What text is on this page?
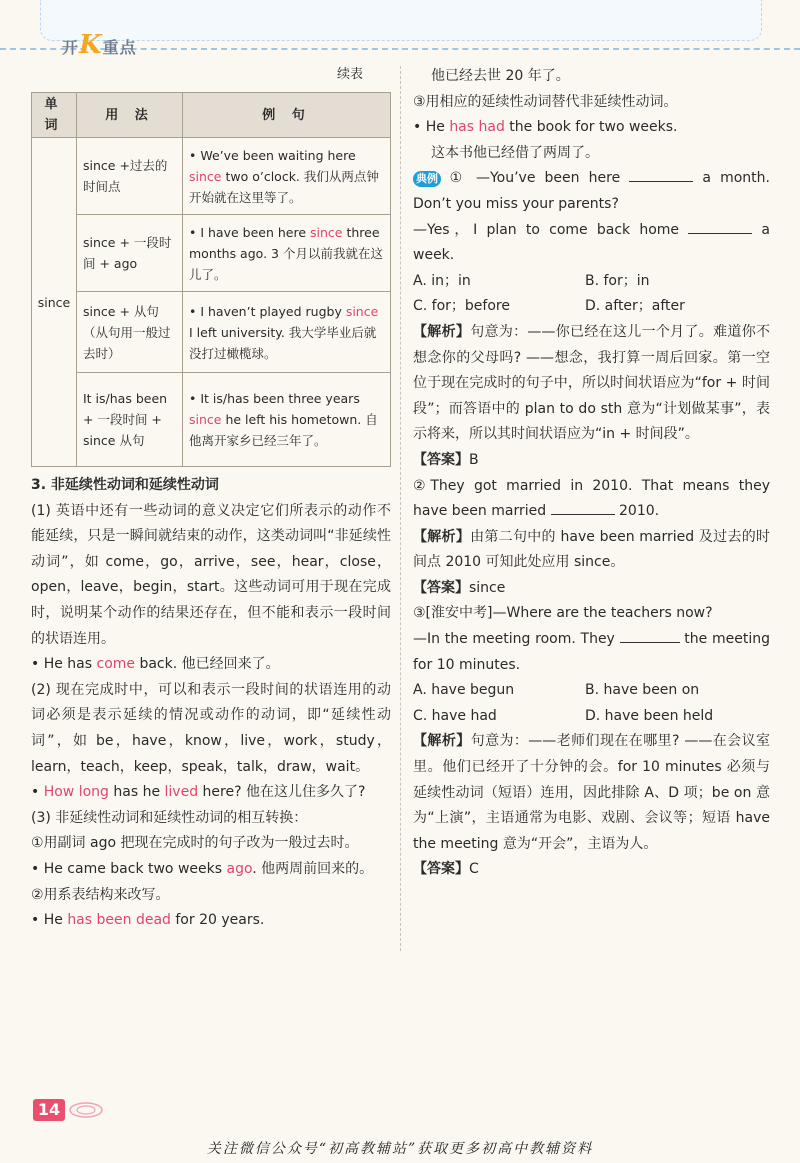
开K重点
续表
单 词	用 法	例 句
since	since +过去的时间点	• We’ve been waiting here since two o’clock. 我们从两点钟开始就在这里等了。
	since + 一段时间 + ago	• I have been here since three months ago. 3 个月以前我就在这儿了。
	since + 从句（从句用一般过去时）	• I haven’t played rugby since I left university. 我大学毕业后就没打过橄榄球。
	It is/has been + 一段时间 + since 从句	• It is/has been three years since he left his hometown. 自他离开家乡已经三年了。
3. 非延续性动词和延续性动词
(1) 英语中还有一些动词的意义决定它们所表示的动作不能延续，只是一瞬间就结束的动作，这类动词叫“非延续性动词”，如 come，go，arrive，see，hear，close，open，leave，begin，start。这些动词可用于现在完成时，说明某个动作的结果还存在，但不能和表示一段时间的状语连用。
• He has come back. 他已经回来了。
(2) 现在完成时中，可以和表示一段时间的状语连用的动词必须是表示延续的情况或动作的动词，即“延续性动词”，如 be，have，know，live，work，study，learn，teach，keep，speak，talk，draw，wait。
• How long has he lived here? 他在这儿住多久了?
(3) 非延续性动词和延续性动词的相互转换：
①用副词 ago 把现在完成时的句子改为一般过去时。
• He came back two weeks ago. 他两周前回来的。
②用系表结构来改写。
• He has been dead for 20 years.
他已经去世 20 年了。
③用相应的延续性动词替代非延续性动词。
• He has had the book for two weeks.
这本书他已经借了两周了。
典例 ① —You’ve been here	a month. Don’t you miss your parents?
—Yes，I plan to come back home	a week.
A. in；in	B. for；in
C. for；before	D. after；after
【解析】句意为：——你已经在这儿一个月了。难道你不想念你的父母吗? ——想念，我打算一周后回家。第一空位于现在完成时的句子中，所以时间状语应为“for + 时间段”；而答语中的 plan to do sth 意为“计划做某事”，表示将来，所以其时间状语应为“in + 时间段”。
【答案】B
②They got married in 2010. That means they have been married	2010.
【解析】由第二句中的 have been married 及过去的时间点 2010 可知此处应用 since。
【答案】since
③[淮安中考]—Where are the teachers now?
—In the meeting room. They	the meeting for 10 minutes.
A. have begun	B. have been on
C. have had	D. have been held
【解析】句意为：——老师们现在在哪里? ——在会议室里。他们已经开了十分钟的会。for 10 minutes 必须与延续性动词（短语）连用，因此排除 A、D 项；be on 意为“上演”，主语通常为电影、戏剧、会议等；短语 have the meeting 意为“开会”，主语为人。
【答案】C
14
关注微信公众号“初高教辅站”获取更多初高中教辅资料
